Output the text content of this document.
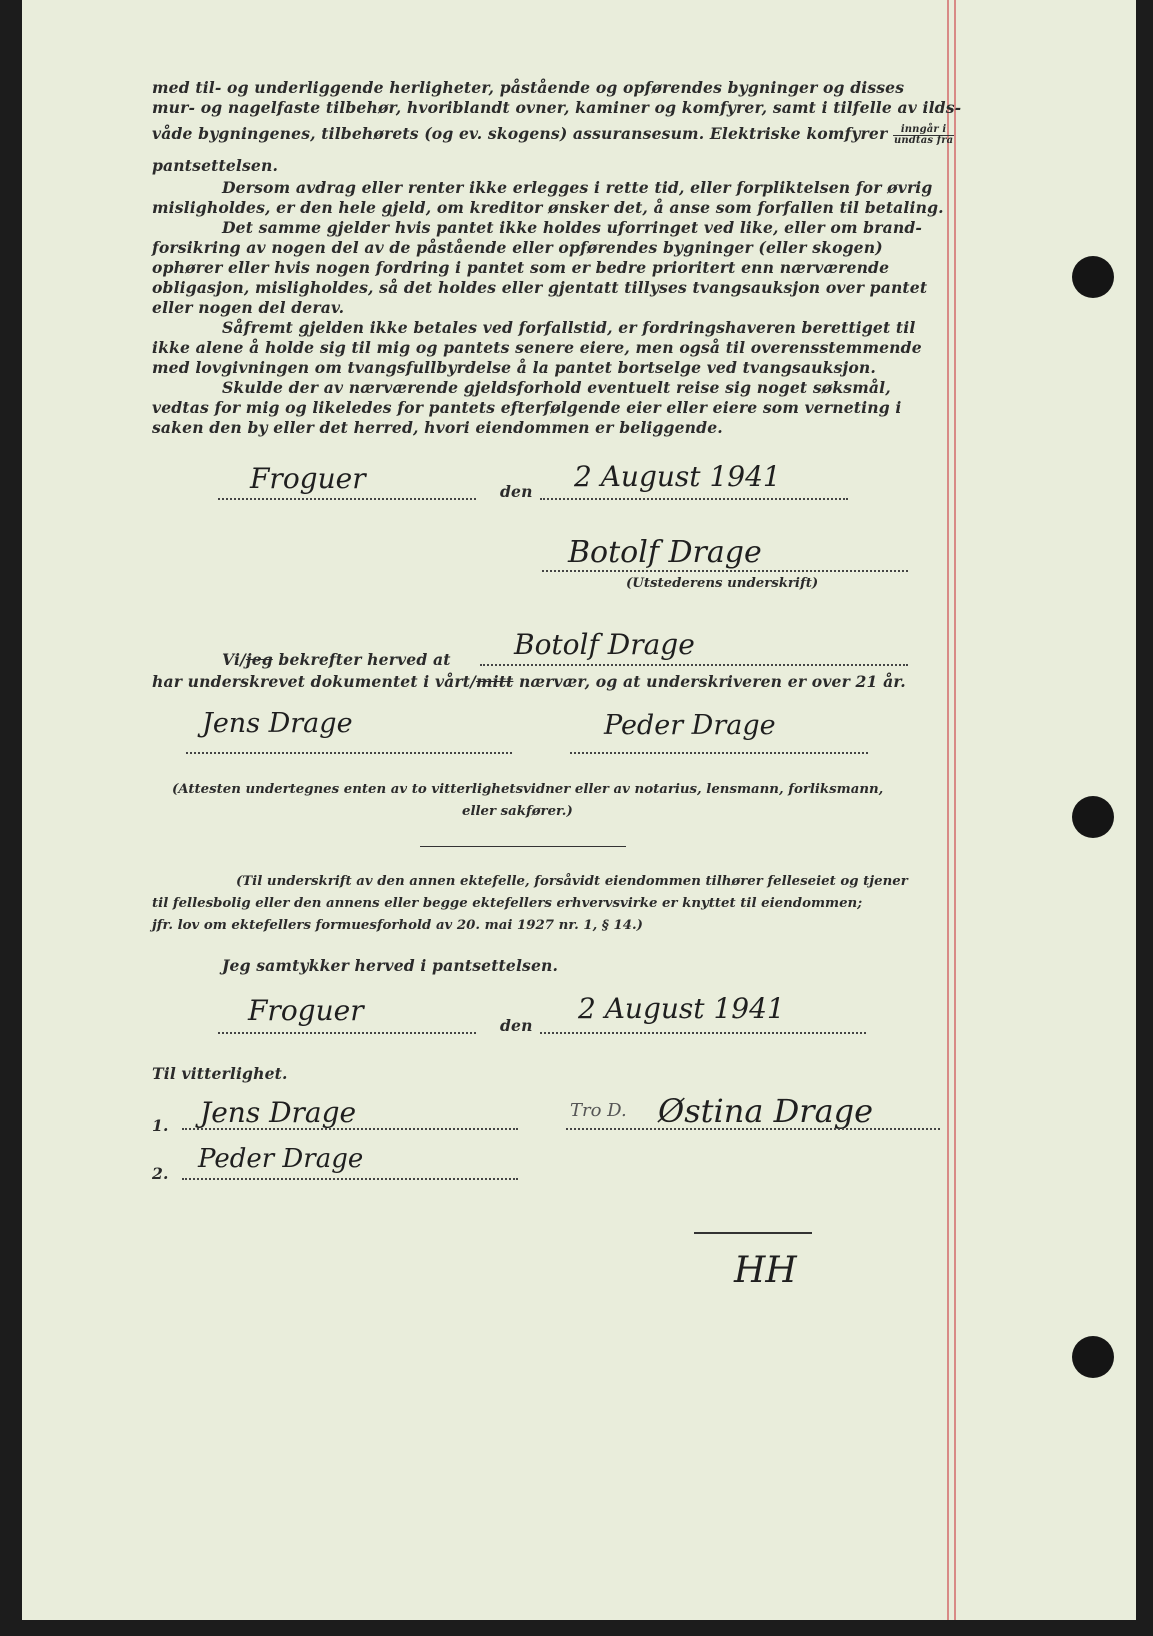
med til- og underliggende herligheter, påstående og opførendes bygninger og disses
mur- og nagelfaste tilbehør, hvoriblandt ovner, kaminer og komfyrer, samt i tilfelle av ilds-
våde bygningenes, tilbehørets (og ev. skogens) assuransesum. Elektriske komfyrer $\frac{\text{inngår i}}{\text{undtas fra}}$
pantsettelsen.
Dersom avdrag eller renter ikke erlegges i rette tid, eller forpliktelsen for øvrig
misligholdes, er den hele gjeld, om kreditor ønsker det, å anse som forfallen til betaling.
Det samme gjelder hvis pantet ikke holdes uforringet ved like, eller om brand-
forsikring av nogen del av de påstående eller opførendes bygninger (eller skogen)
ophører eller hvis nogen fordring i pantet som er bedre prioritert enn nærværende
obligasjon, misligholdes, så det holdes eller gjentatt tillyses tvangsauksjon over pantet
eller nogen del derav.
Såfremt gjelden ikke betales ved forfallstid, er fordringshaveren berettiget til
ikke alene å holde sig til mig og pantets senere eiere, men også til overensstemmende
med lovgivningen om tvangsfullbyrdelse å la pantet bortselge ved tvangsauksjon.
Skulde der av nærværende gjeldsforhold eventuelt reise sig noget søksmål,
vedtas for mig og likeledes for pantets efterfølgende eier eller eiere som verneting i
saken den by eller det herred, hvori eiendommen er beliggende.
Froguer	den 2 August 1941
Botolf Drage
(Utstederens underskrift)
Vi/jeg bekrefter herved at Botolf Drage
har underskrevet dokumentet i vårt/mitt nærvær, og at underskriveren er over 21 år.
Jens Drage	Peder Drage
(Attesten undertegnes enten av to vitterlighetsvidner eller av notarius, lensmann, forliksmann,
eller sakfører.)
(Til underskrift av den annen ektefelle, forsåvidt eiendommen tilhører felleseiet og tjener
til fellesbolig eller den annens eller begge ektefellers erhvervsvirke er knyttet til eiendommen;
jfr. lov om ektefellers formuesforhold av 20. mai 1927 nr. 1, § 14.)
Jeg samtykker herved i pantsettelsen.
Froguer	den
2 August 1941
Til vitterlighet.
1. Jens Drage	Tro D. Østina Drage
2. Peder Drage
HH
